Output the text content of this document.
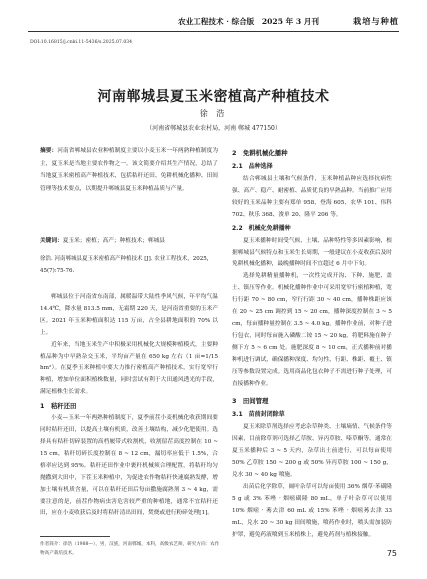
农业工程技术 · 综合版　2025 年 3 月刊	栽培与种植
DOI:10.16815/j.cnki.11-5436/s.2025.07.034
河南郸城县夏玉米密植高产种植技术
徐 浩
（河南省郸城县农业农村局，河南 郸城 477150）
摘要：河南省郸城县农业种植制度主要以小麦玉米一年两熟种植制度为主，夏玉米是当地主要农作物之一。该文简要介绍其生产情况，总结了当地夏玉米密植高产种植技术，包括秸秆还田、免耕机械化播种、田间管理等技术要点，以期提升郸城县夏玉米种植品质与产量。
关键词：夏玉米；密植；高产；种植技术；郸城县
徐浩. 河南郸城县夏玉米密植高产种植技术 [J]. 农业工程技术，2025，45(7):75-76.

郸城县位于河南省东南部，属暖温带大陆性季风气候，年平均气温 14.4℃，降水量 813.5 mm，无霜期 220 天，是河南省重要的玉米产区。2021 年玉米种植面积达 115 万亩，占全县耕地面积的 70% 以上。

近年来，当地玉米生产中积极采用机械化大规模种植模式，主要种植品种为中早熟杂交玉米，平均亩产量在 650 kg 左右（1 亩=1/15 hm²）。在夏季玉米种植中要大力推行密植高产种植技术，实行宽窄行种植，增加单位面积植株数量，同时尝试有利于大田通风透光的手段，满足植株生长需求。

1　秸秆还田

小麦—玉米一年两熟种植制度下，夏季前茬小麦机械化收获期间要同时秸秆还田，以提高土壤有机质，改善土壤结构，减少化肥使用。选择具有秸秆切碎装置的高档履带式收割机，收割留茬高度控制在 10 ~ 15 cm，秸秆切碎长度控制在 8 ~ 12 cm，漏切率应低于 1.5%，合格率应达到 95%。秸秆还田作业中裹秆机械须合理配置，将秸秆均匀抛撒到大田中，下茬玉米种植中，为促进农作物秸秆快速腐熟发酵，增加土壤有机质含量，可以在秸秆还田后每亩撒施腐熟剂 3 ~ 4 kg，需要注意的是，前茬作物病虫害危害较严重的种植地，通常不宜秸秆还田，应在小麦收获后及时将秸秆清出田间，焚烧或进行粉碎处理[1]。

2　免耕机械化播种
2.1　品种选择

结合郸城县土壤和气候条件，玉米种植品种应选择抗病性强、高产、稳产、耐密植、品质优良的早熟品种。当前推广应用较好的玉米品种主要有郑单 958、登海 605、农华 101、伟科 702、秋乐 368、浚单 20、隆平 206 等。

2.2　机械化免耕播种

夏玉米播种时间受气候、土壤、品种特性等多因素影响，根据郸城县气候特点和玉米生长周期，一般建议在小麦收获后及时免耕机械化播种，最晚播种时间不宜超过 6 月中下旬。

选择免耕精量播种机，一次性完成开沟、下种、施肥、盖土、镇压等作业。机械化播种作业中可采用宽窄行密植种植，宽行行距 70 ~ 80 cm，窄行行距 30 ~ 40 cm，播种株距应该在 20 ~ 25 cm 调控到 15 ~ 20 cm，播种深度控制在 3 ~ 5 cm，每亩播种量控制在 3.5 ~ 4.0 kg。播种作业前，对种子进行包衣，同时每亩施入磷酸二铵 15 ~ 20 kg，将肥料施在种子侧下方 5 ~ 6 cm 处。施肥深度 8 ~ 10 cm，正式播种前对播种机进行调试，确保播种深度、均匀性、行距、株距、覆土、镇压等参数设置完成。选用商品化包衣种子不需进行种子处理，可直接播种作业。

3　田间管理
3.1　苗前封闭除草

夏玉米除草剂选择应考虑杂草种类、土壤墒情、气候条件等因素，目前除草剂可选择乙草胺、异丙草胺、嗪草酮等。通常在夏玉米播种后 3 ~ 5 天内，杂草出土前进行，可以每亩使用 50% 乙草胺 150 ~ 200 g 或 50% 异丙草胺 100 ~ 150 g，兑水 30 ~ 40 kg 喷施。

出苗后化学除草，阔叶杂草可以每亩使用 36% 烟草·苯磺隆 5 g 或 3% 苯唑 · 烟嘧磺隆 80 mL，单子叶杂草可以使用 10% 烟嘧 · 莠去津 60 mL 或 15% 苯唑 · 烟嘧莠去津 33 mL，兑水 20 ~ 30 kg 田间喷施，喷药作业时，喷头需加装防护罩，避免药液喷到玉米植株上，避免药剂与植株接触。

作者简介：徐浩（1988—），男，汉族，河南郸城，本科，高级农艺师，研究方向：农作物高产栽培技术。	75
